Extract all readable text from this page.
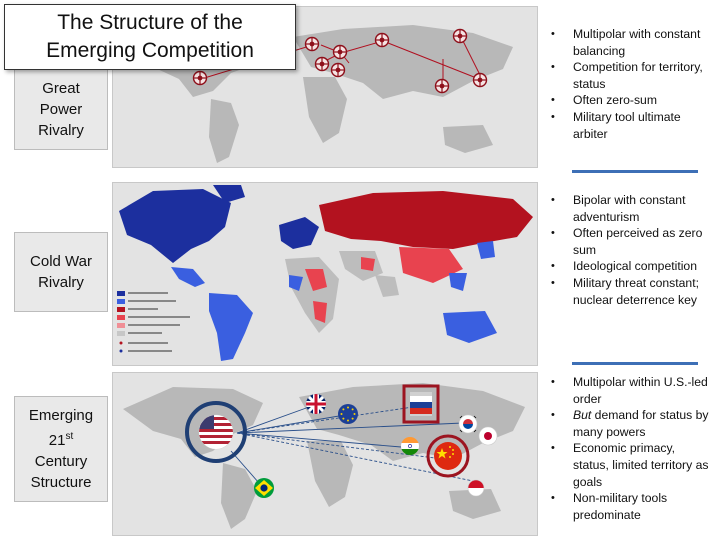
The Structure of the
Emerging Competition
Great
Power
Rivalry
Cold War
Rivalry
Emerging
21st
Century
Structure
• Multipolar with constant balancing
• Competition for territory, status
• Often zero-sum
• Military tool ultimate arbiter
• Bipolar with constant adventurism
• Often perceived as zero sum
• Ideological competition
• Military threat constant; nuclear deterrence key
• Multipolar within U.S.-led order
• But demand for status by many powers
• Economic primacy, status, limited territory as goals
• Non-military tools predominate
